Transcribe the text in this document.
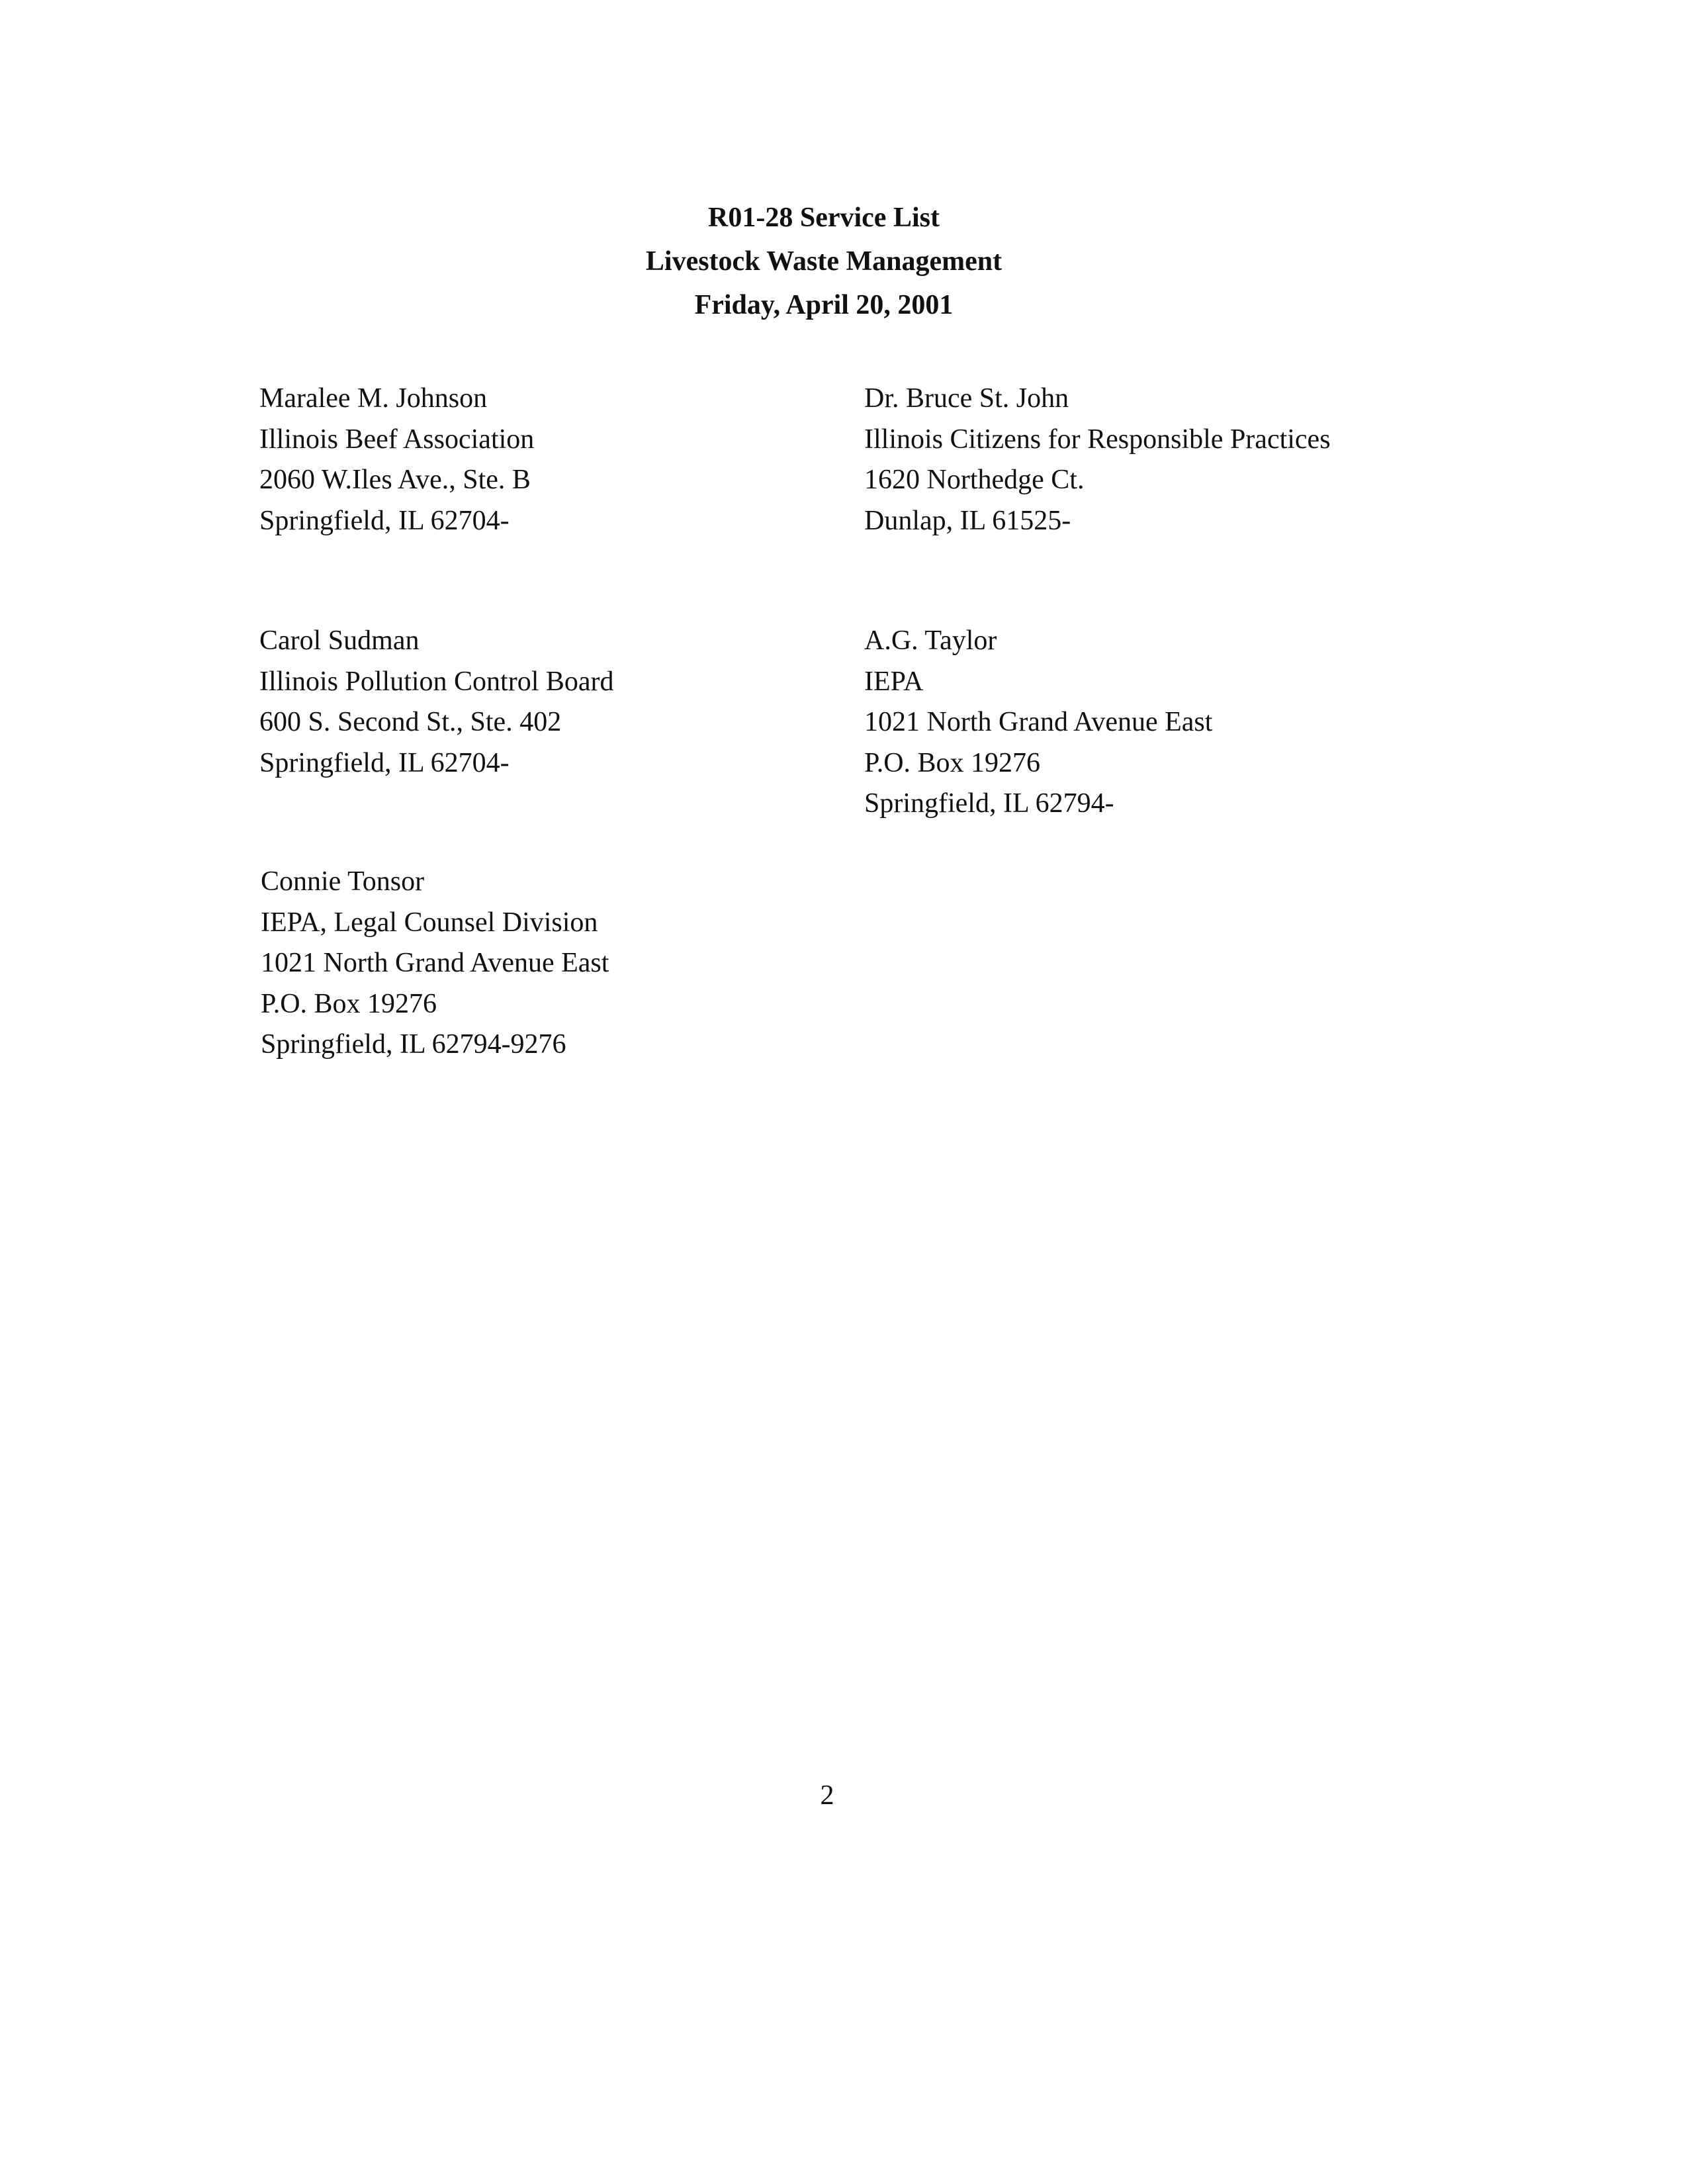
R01-28 Service List
Livestock Waste Management
Friday, April 20, 2001
Maralee M. Johnson
Illinois Beef Association
2060 W.Iles Ave., Ste. B
Springfield, IL 62704-
Dr. Bruce St. John
Illinois Citizens for Responsible Practices
1620 Northedge Ct.
Dunlap, IL 61525-
Carol Sudman
Illinois Pollution Control Board
600 S. Second St., Ste. 402
Springfield, IL 62704-
A.G. Taylor
IEPA
1021 North Grand Avenue East
P.O. Box 19276
Springfield, IL 62794-
Connie Tonsor
IEPA, Legal Counsel Division
1021 North Grand Avenue East
P.O. Box 19276
Springfield, IL 62794-9276
2
